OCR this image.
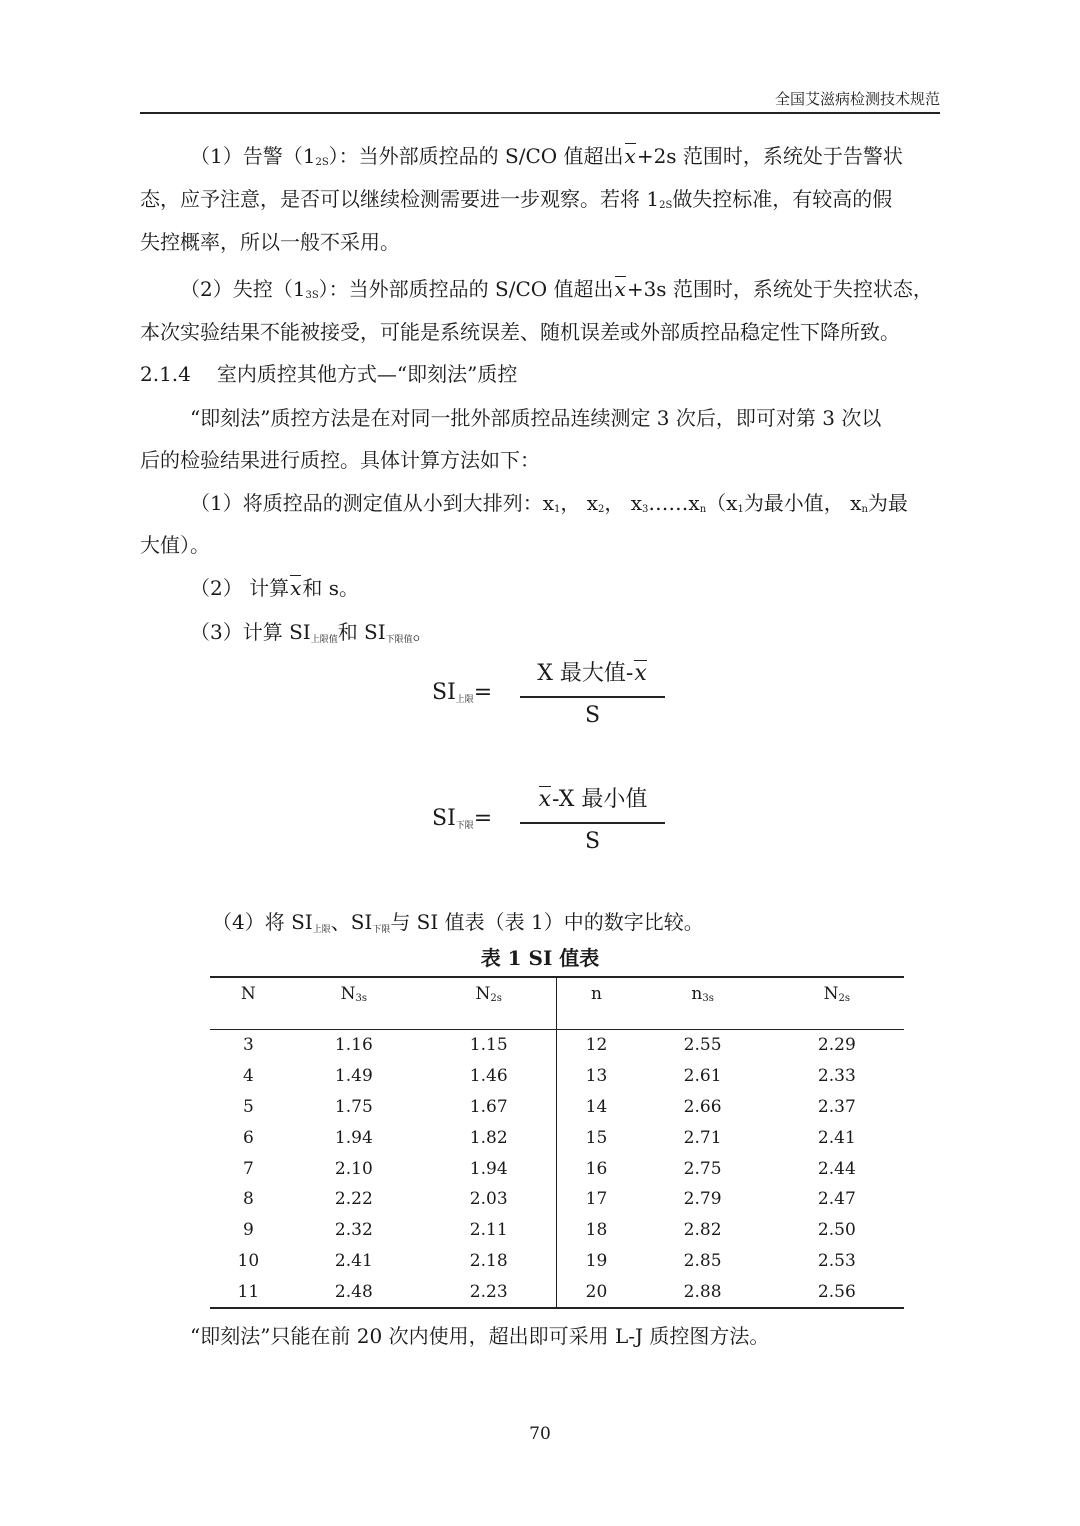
全国艾滋病检测技术规范
（1）告警$(1_{2S})$：当外部质控品的 S/CO 值超出x+2s 范围时，系统处于告警状
态，应予注意，是否可以继续检测需要进一步观察。若将 $1_{2S}$做失控标准，有较高的假
失控概率，所以一般不采用。
（2）失控$(1_{3S})$：当外部质控品的 S/CO 值超出x+3s 范围时，系统处于失控状态，
本次实验结果不能被接受，可能是系统误差、随机误差或外部质控品稳定性下降所致。
2.1.4 室内质控其他方式—“即刻法”质控
“即刻法”质控方法是在对同一批外部质控品连续测定 3 次后，即可对第 3 次以
后的检验结果进行质控。具体计算方法如下：
（1）将质控品的测定值从小到大排列：$x_1$， $x_2$， $x_3\dots\dots x_n(x_1$为最小值， $x_n$为最
大值）。
（2） 计算x和 s。
（3）计算 $SI_{上限值}$和 $SI_{下限值}$。
$SI_{上限}=$
X 最大值-x
S
$SI_{下限}=$
x-X 最小值
S
（4）将 $SI_{上限}$、$SI_{下限}$与 SI 值表（表 1）中的数字比较。
表 1 SI 值表
N	$N_{3s}$	$N_{2s}$	n	$n_{3s}$	$N_{2s}$
3	1.16	1.15	12	2.55	2.29
4	1.49	1.46	13	2.61	2.33
5	1.75	1.67	14	2.66	2.37
6	1.94	1.82	15	2.71	2.41
7	2.10	1.94	16	2.75	2.44
8	2.22	2.03	17	2.79	2.47
9	2.32	2.11	18	2.82	2.50
10	2.41	2.18	19	2.85	2.53
11	2.48	2.23	20	2.88	2.56
“即刻法”只能在前 20 次内使用，超出即可采用 L-J 质控图方法。
70
